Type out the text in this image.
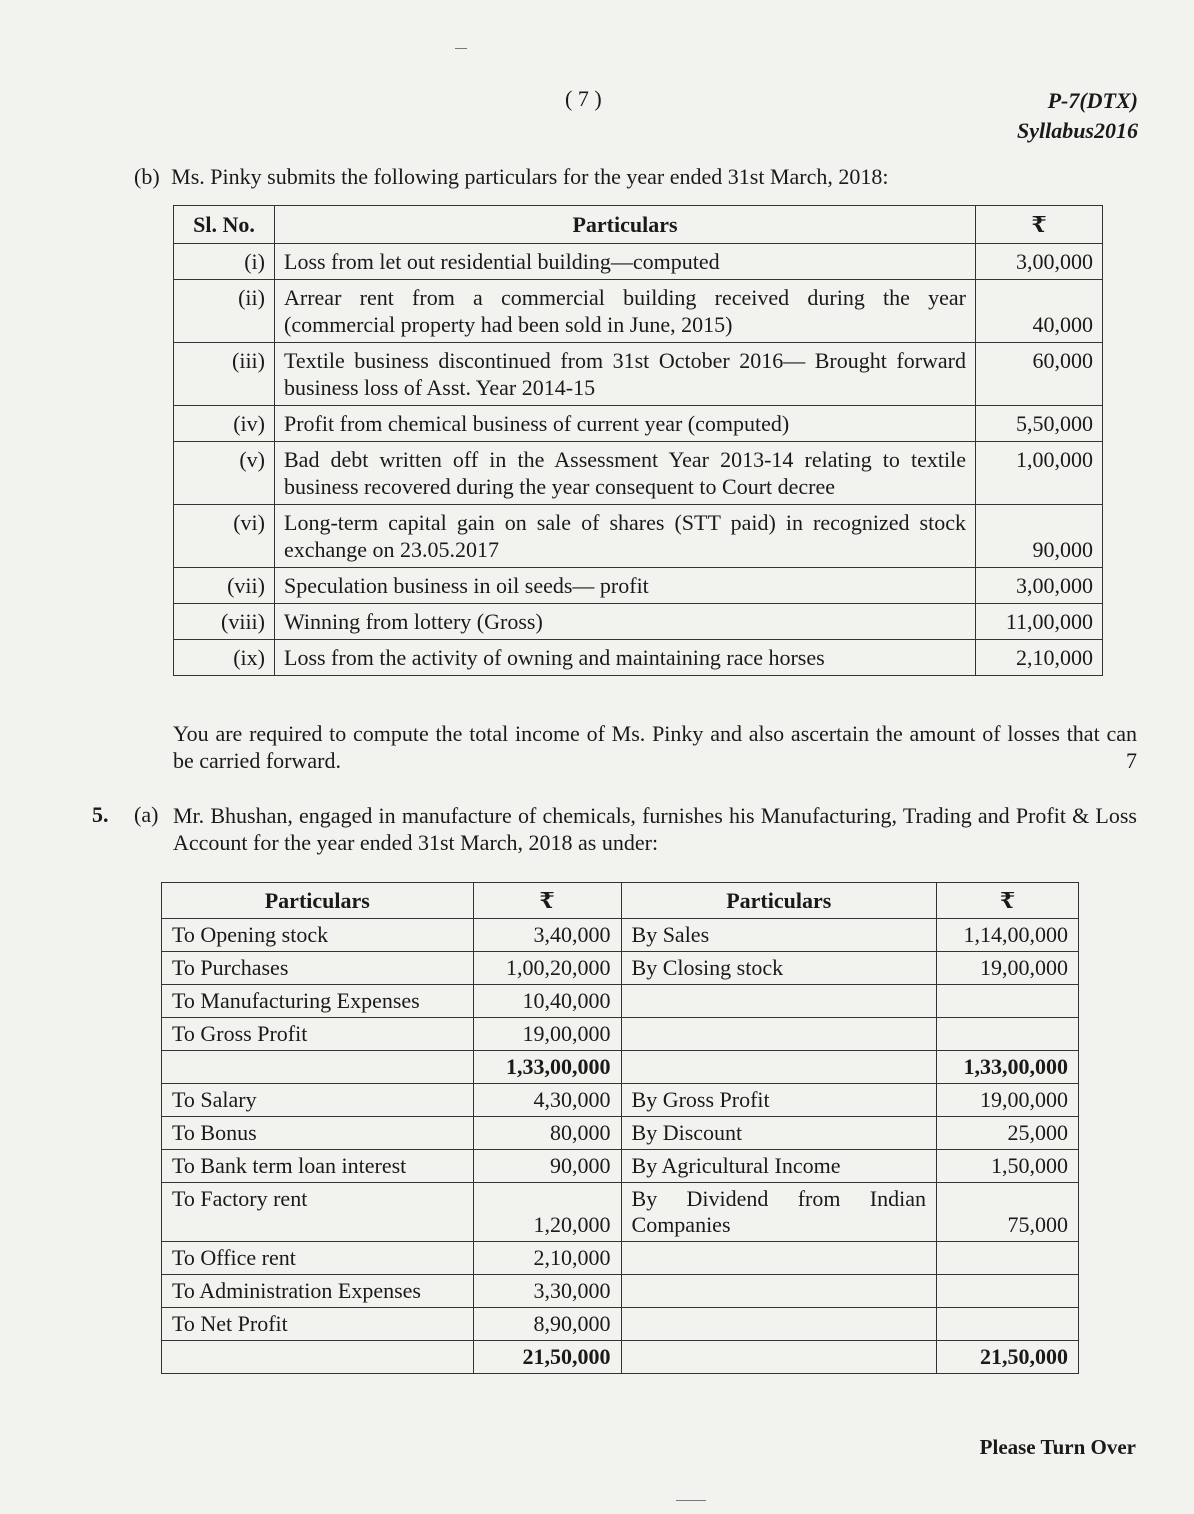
( 7 )	P-7(DTX)
Syllabus2016
(b) Ms. Pinky submits the following particulars for the year ended 31st March, 2018:
Sl. No.	Particulars	₹
(i)	Loss from let out residential building—computed	3,00,000
(ii)	Arrear rent from a commercial building received during the year (commercial property had been sold in June, 2015)	40,000
(iii)	Textile business discontinued from 31st October 2016— Brought forward business loss of Asst. Year 2014-15	60,000
(iv)	Profit from chemical business of current year (computed)	5,50,000
(v)	Bad debt written off in the Assessment Year 2013-14 relating to textile business recovered during the year consequent to Court decree	1,00,000
(vi)	Long-term capital gain on sale of shares (STT paid) in recognized stock exchange on 23.05.2017	90,000
(vii)	Speculation business in oil seeds— profit	3,00,000
(viii)	Winning from lottery (Gross)	11,00,000
(ix)	Loss from the activity of owning and maintaining race horses	2,10,000
You are required to compute the total income of Ms. Pinky and also ascertain the amount of losses that can be carried forward.	7
5. (a) Mr. Bhushan, engaged in manufacture of chemicals, furnishes his Manufacturing, Trading and Profit & Loss Account for the year ended 31st March, 2018 as under:
Particulars	₹	Particulars	₹
To Opening stock	3,40,000	By Sales	1,14,00,000
To Purchases	1,00,20,000	By Closing stock	19,00,000
To Manufacturing Expenses	10,40,000		
To Gross Profit	19,00,000		
	1,33,00,000		1,33,00,000
To Salary	4,30,000	By Gross Profit	19,00,000
To Bonus	80,000	By Discount	25,000
To Bank term loan interest	90,000	By Agricultural Income	1,50,000
To Factory rent	1,20,000	By Dividend from Indian Companies	75,000
To Office rent	2,10,000		
To Administration Expenses	3,30,000		
To Net Profit	8,90,000		
	21,50,000		21,50,000
Please Turn Over
